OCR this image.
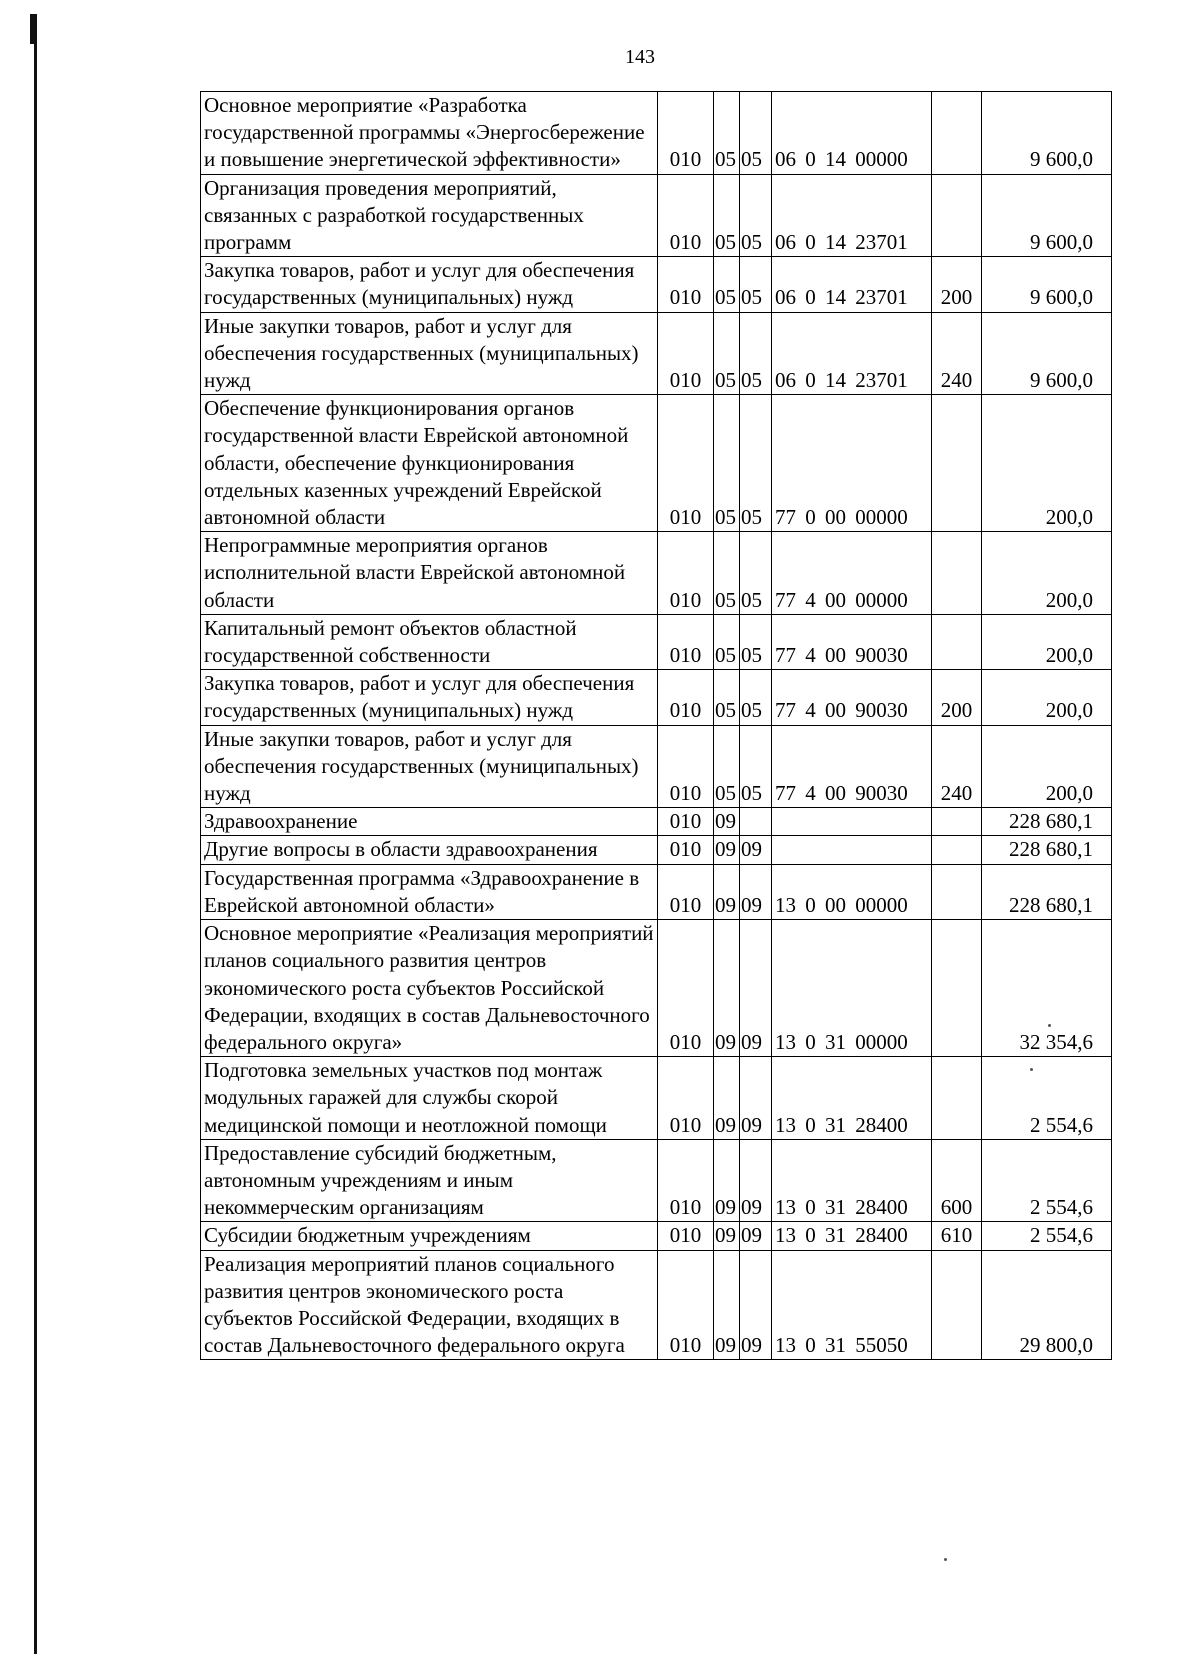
143
Основное мероприятие «Разработка государственной программы «Энергосбережение и повышение энергетической эффективности»	010	05	05	06 0 14 00000		9 600,0
Организация проведения мероприятий, связанных с разработкой государственных программ	010	05	05	06 0 14 23701		9 600,0
Закупка товаров, работ и услуг для обеспечения государственных (муниципальных) нужд	010	05	05	06 0 14 23701	200	9 600,0
Иные закупки товаров, работ и услуг для обеспечения государственных (муниципальных) нужд	010	05	05	06 0 14 23701	240	9 600,0
Обеспечение функционирования органов государственной власти Еврейской автономной области, обеспечение функционирования отдельных казенных учреждений Еврейской автономной области	010	05	05	77 0 00 00000		200,0
Непрограммные мероприятия органов исполнительной власти Еврейской автономной области	010	05	05	77 4 00 00000		200,0
Капитальный ремонт объектов областной государственной собственности	010	05	05	77 4 00 90030		200,0
Закупка товаров, работ и услуг для обеспечения государственных (муниципальных) нужд	010	05	05	77 4 00 90030	200	200,0
Иные закупки товаров, работ и услуг для обеспечения государственных (муниципальных) нужд	010	05	05	77 4 00 90030	240	200,0
Здравоохранение	010	09				228 680,1
Другие вопросы в области здравоохранения	010	09	09			228 680,1
Государственная программа «Здравоохранение в Еврейской автономной области»	010	09	09	13 0 00 00000		228 680,1
Основное мероприятие «Реализация мероприятий планов социального развития центров экономического роста субъектов Российской Федерации, входящих в состав Дальневосточного федерального округа»	010	09	09	13 0 31 00000		32 354,6
Подготовка земельных участков под монтаж модульных гаражей для службы скорой медицинской помощи и неотложной помощи	010	09	09	13 0 31 28400		2 554,6
Предоставление субсидий бюджетным, автономным учреждениям и иным некоммерческим организациям	010	09	09	13 0 31 28400	600	2 554,6
Субсидии бюджетным учреждениям	010	09	09	13 0 31 28400	610	2 554,6
Реализация мероприятий планов социального развития центров экономического роста субъектов Российской Федерации, входящих в состав Дальневосточного федерального округа	010	09	09	13 0 31 55050		29 800,0
